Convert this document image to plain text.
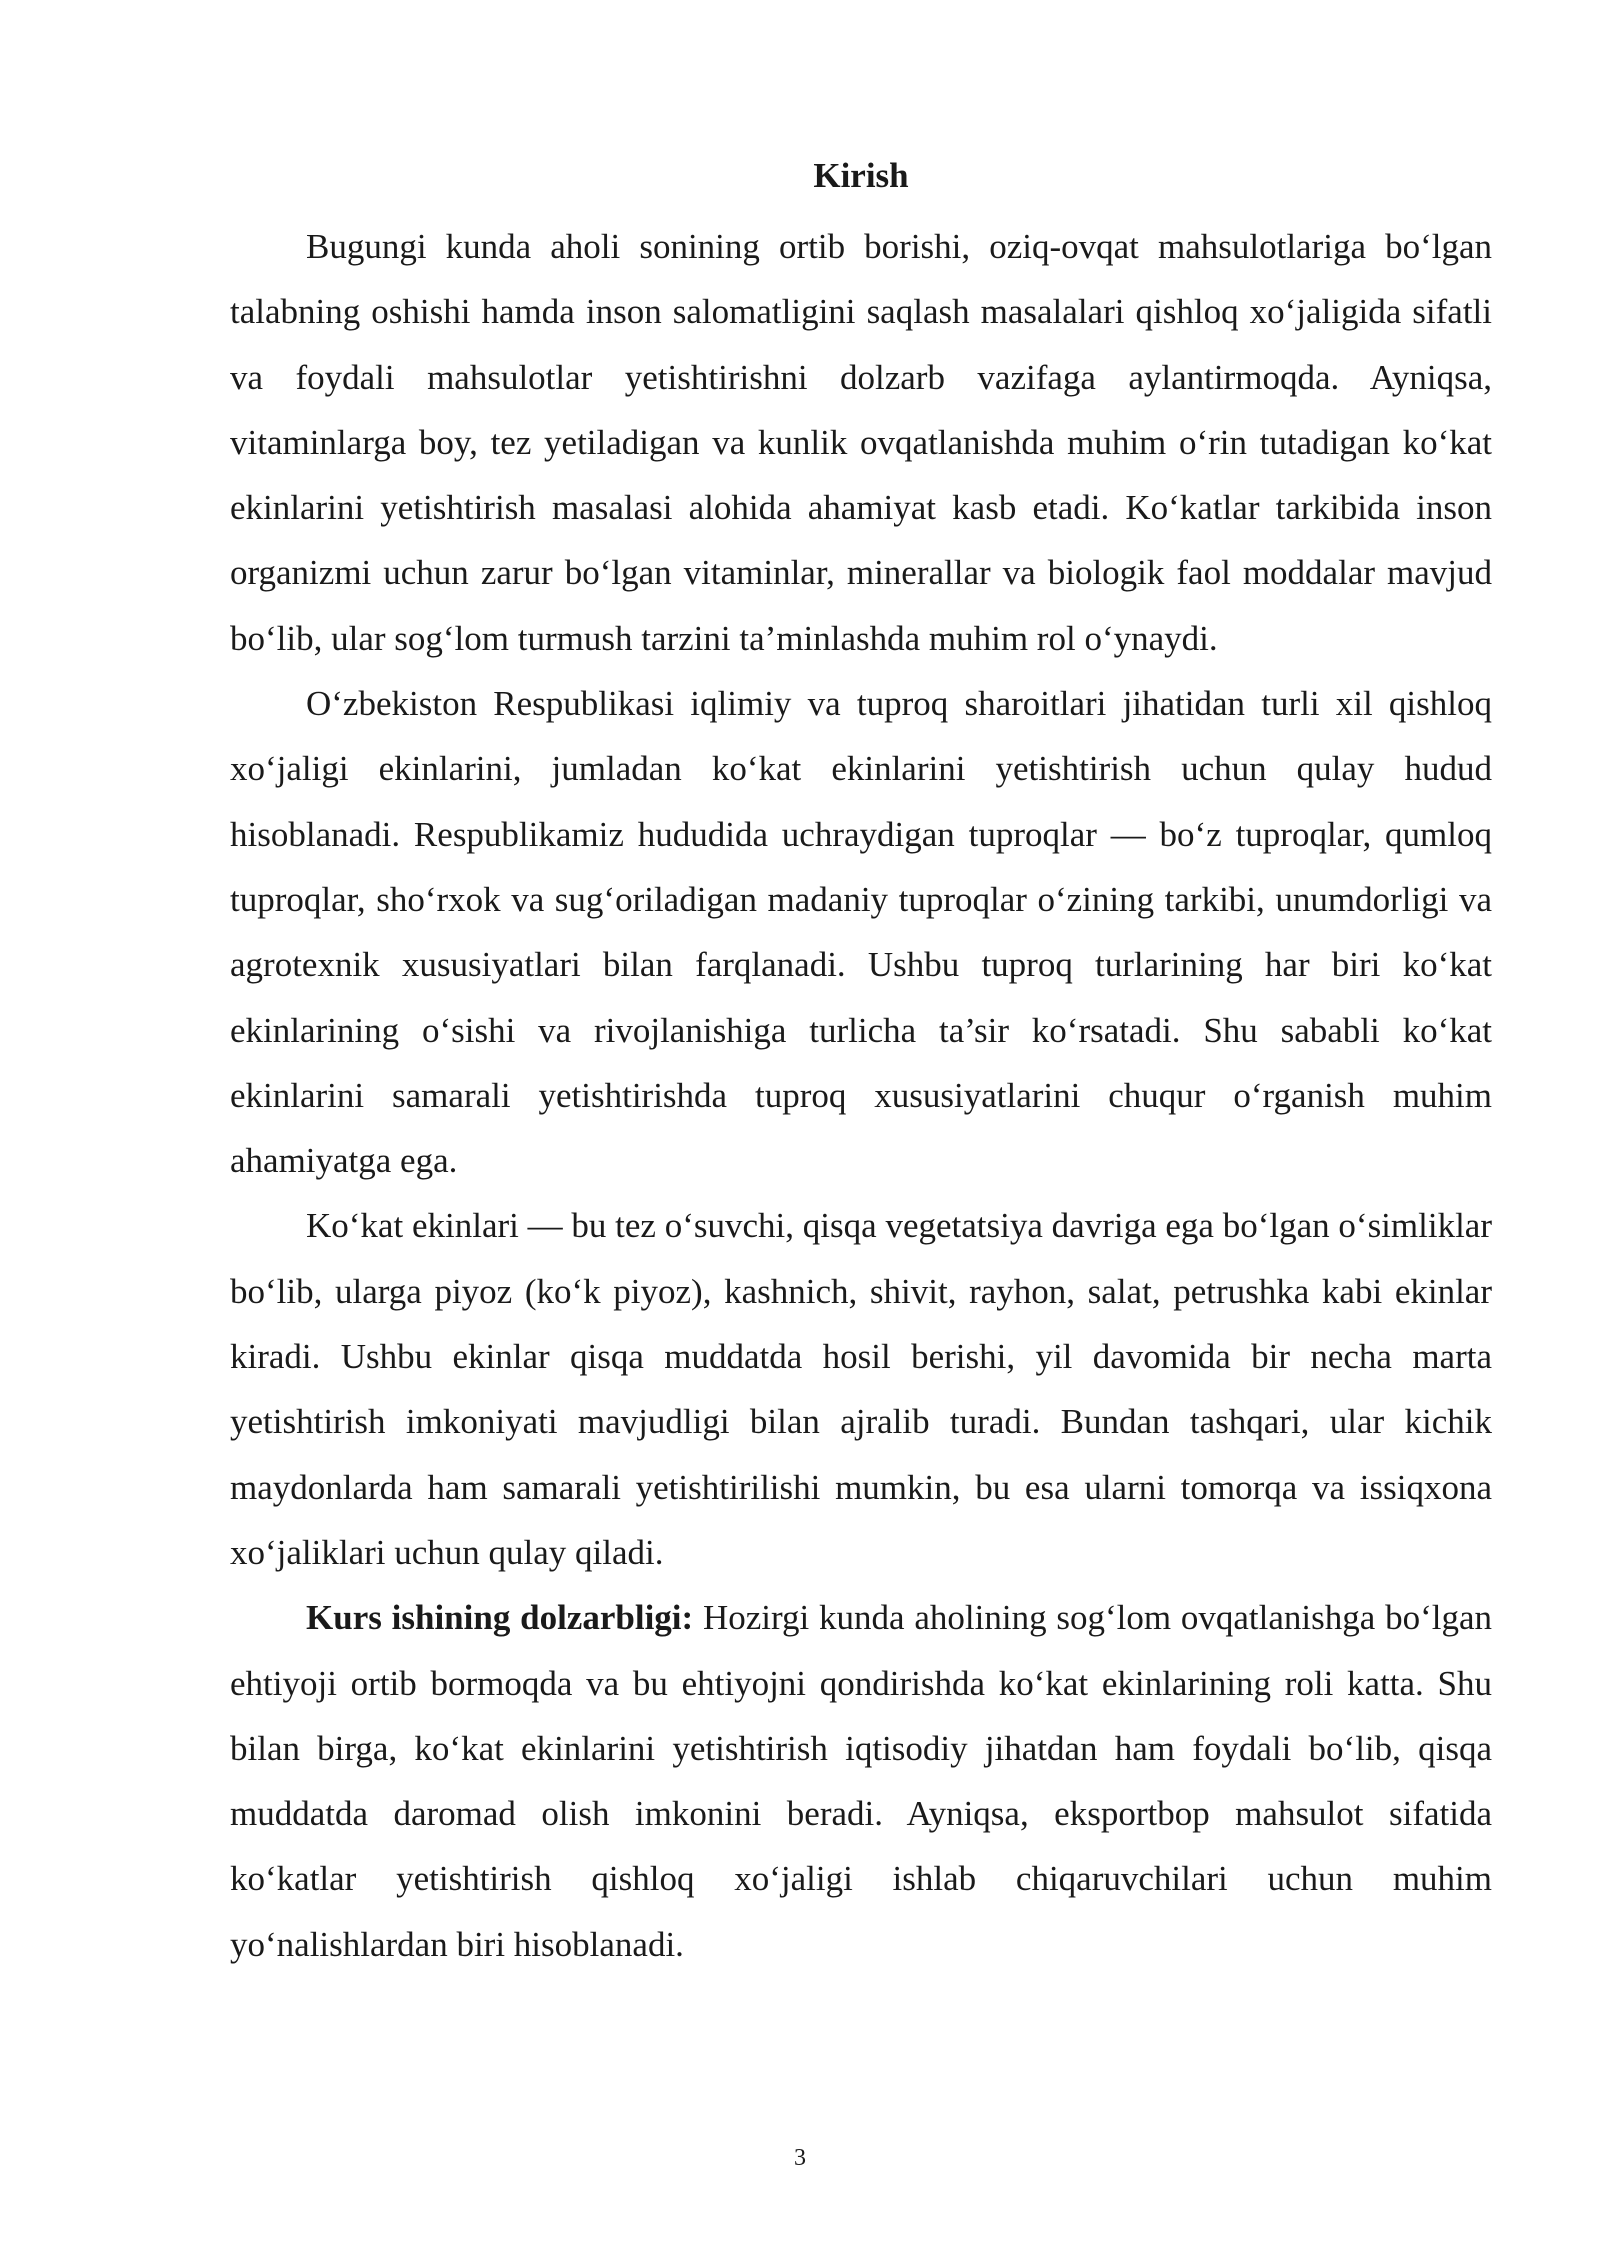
Kirish

Bugungi kunda aholi sonining ortib borishi, oziq-ovqat mahsulotlariga bo‘lgan talabning oshishi hamda inson salomatligini saqlash masalalari qishloq xo‘jaligida sifatli va foydali mahsulotlar yetishtirishni dolzarb vazifaga aylantirmoqda. Ayniqsa, vitaminlarga boy, tez yetiladigan va kunlik ovqatlanishda muhim o‘rin tutadigan ko‘kat ekinlarini yetishtirish masalasi alohida ahamiyat kasb etadi. Ko‘katlar tarkibida inson organizmi uchun zarur bo‘lgan vitaminlar, minerallar va biologik faol moddalar mavjud bo‘lib, ular sog‘lom turmush tarzini ta’minlashda muhim rol o‘ynaydi.

O‘zbekiston Respublikasi iqlimiy va tuproq sharoitlari jihatidan turli xil qishloq xo‘jaligi ekinlarini, jumladan ko‘kat ekinlarini yetishtirish uchun qulay hudud hisoblanadi. Respublikamiz hududida uchraydigan tuproqlar — bo‘z tuproqlar, qumloq tuproqlar, sho‘rxok va sug‘oriladigan madaniy tuproqlar o‘zining tarkibi, unumdorligi va agrotexnik xususiyatlari bilan farqlanadi. Ushbu tuproq turlarining har biri ko‘kat ekinlarining o‘sishi va rivojlanishiga turlicha ta’sir ko‘rsatadi. Shu sababli ko‘kat ekinlarini samarali yetishtirishda tuproq xususiyatlarini chuqur o‘rganish muhim ahamiyatga ega.

Ko‘kat ekinlari — bu tez o‘suvchi, qisqa vegetatsiya davriga ega bo‘lgan o‘simliklar bo‘lib, ularga piyoz (ko‘k piyoz), kashnich, shivit, rayhon, salat, petrushka kabi ekinlar kiradi. Ushbu ekinlar qisqa muddatda hosil berishi, yil davomida bir necha marta yetishtirish imkoniyati mavjudligi bilan ajralib turadi. Bundan tashqari, ular kichik maydonlarda ham samarali yetishtirilishi mumkin, bu esa ularni tomorqa va issiqxona xo‘jaliklari uchun qulay qiladi.

Kurs ishining dolzarbligi: Hozirgi kunda aholining sog‘lom ovqatlanishga bo‘lgan ehtiyoji ortib bormoqda va bu ehtiyojni qondirishda ko‘kat ekinlarining roli katta. Shu bilan birga, ko‘kat ekinlarini yetishtirish iqtisodiy jihatdan ham foydali bo‘lib, qisqa muddatda daromad olish imkonini beradi. Ayniqsa, eksportbop mahsulot sifatida ko‘katlar yetishtirish qishloq xo‘jaligi ishlab chiqaruvchilari uchun muhim yo‘nalishlardan biri hisoblanadi.

3
